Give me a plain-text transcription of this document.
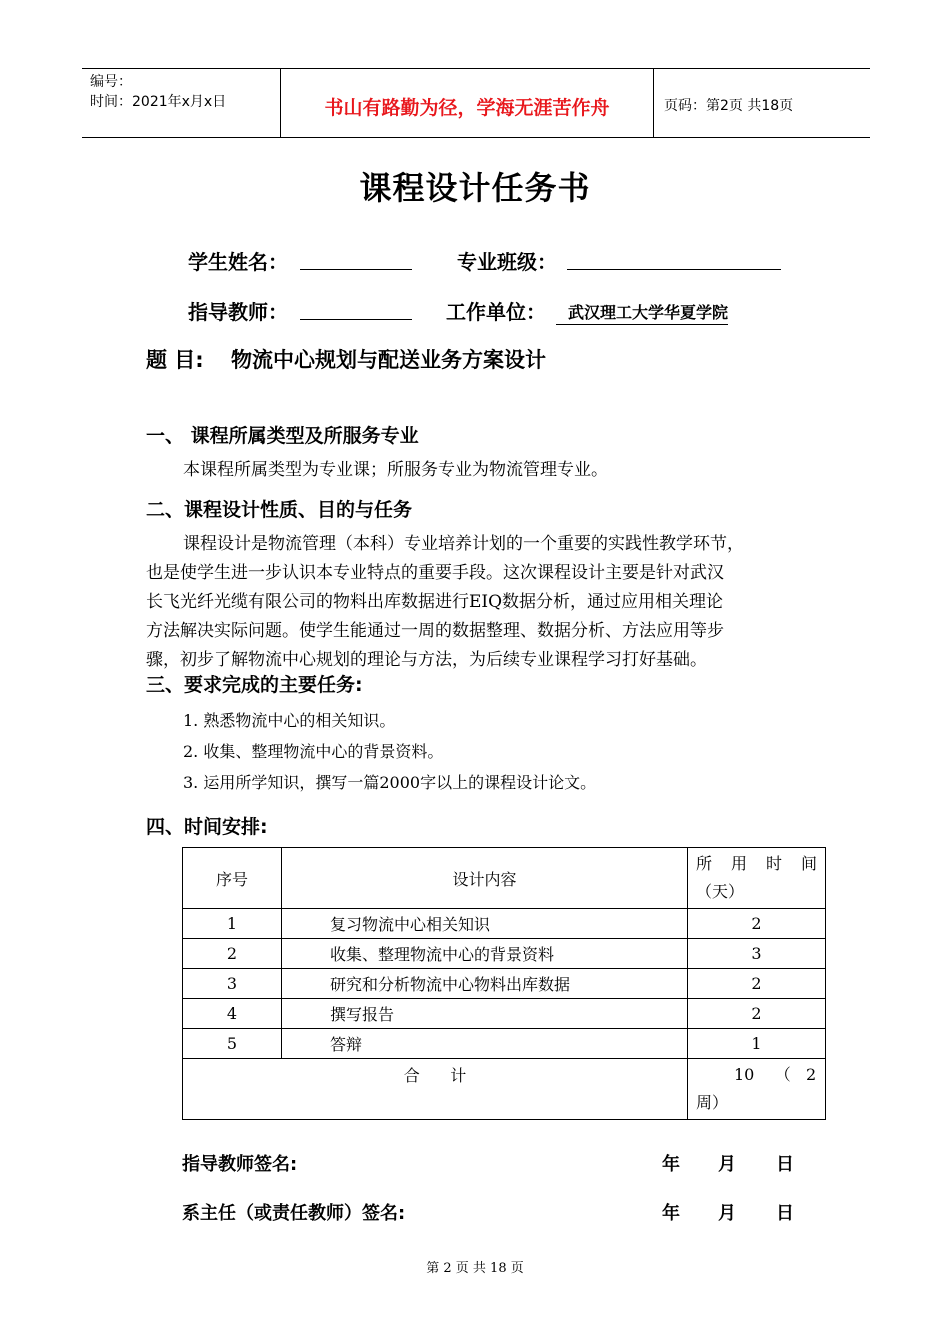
编号：
时间：2021年x月x日	书山有路勤为径，学海无涯苦作舟	页码：第2页 共18页
课程设计任务书
学生姓名：	专业班级：
指导教师：	工作单位：	武汉理工大学华夏学院
题 目: 物流中心规划与配送业务方案设计
一、 课程所属类型及所服务专业
本课程所属类型为专业课；所服务专业为物流管理专业。
二、课程设计性质、目的与任务
课程设计是物流管理（本科）专业培养计划的一个重要的实践性教学环节，
也是使学生进一步认识本专业特点的重要手段。这次课程设计主要是针对武汉
长飞光纤光缆有限公司的物料出库数据进行EIQ数据分析，通过应用相关理论
方法解决实际问题。使学生能通过一周的数据整理、数据分析、方法应用等步
骤，初步了解物流中心规划的理论与方法，为后续专业课程学习打好基础。
三、要求完成的主要任务:
1. 熟悉物流中心的相关知识。
2. 收集、整理物流中心的背景资料。
3. 运用所学知识，撰写一篇2000字以上的课程设计论文。
四、时间安排:
序号	设计内容	所 用 时 间
（天）

1	复习物流中心相关知识	2
2	收集、整理物流中心的背景资料	3
3	研究和分析物流中心物料出库数据	2
4	撰写报告	2
5	答辩	1
合      计		10    （   2
周）
指导教师签名:	年 月 日
系主任（或责任教师）签名:	年 月 日
第 2 页 共 18 页
